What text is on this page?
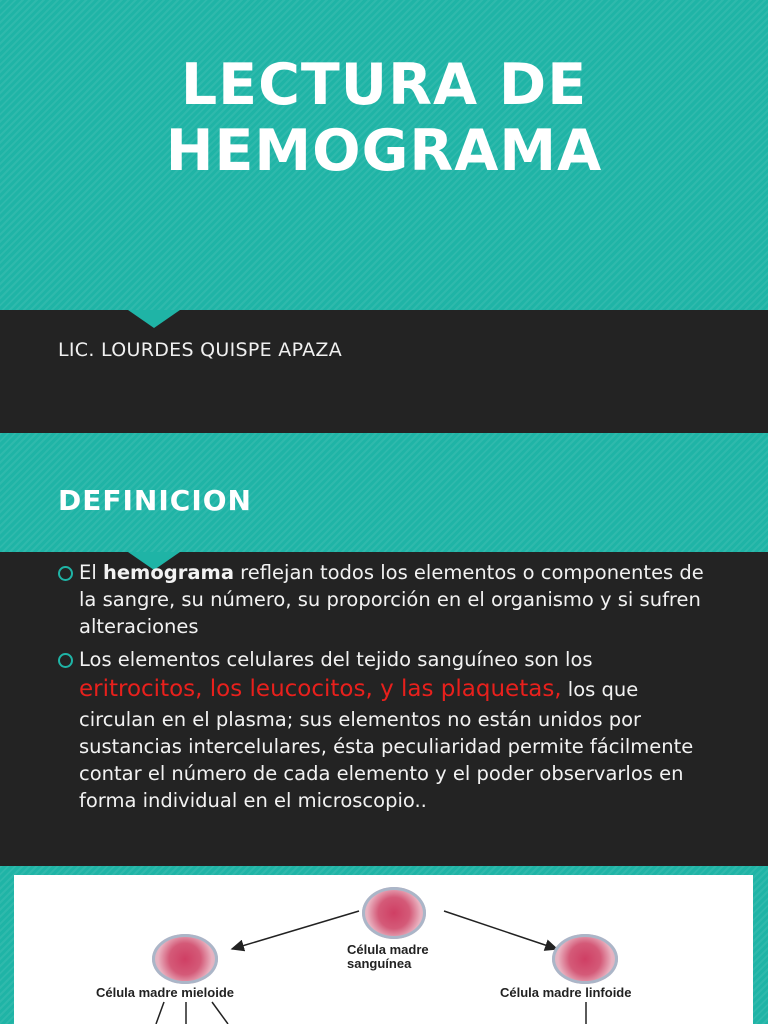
LECTURA DE
HEMOGRAMA
LIC. LOURDES QUISPE APAZA
DEFINICION
El hemograma reflejan todos los elementos o componentes de la sangre, su número, su proporción en el organismo y si sufren alteraciones
Los elementos celulares del tejido sanguíneo son los eritrocitos, los leucocitos, y las plaquetas, los que circulan en el plasma; sus elementos no están unidos por sustancias intercelulares, ésta peculiaridad permite fácilmente contar el número de cada elemento y el poder observarlos en forma individual en el microscopio..
Célula madre
sanguínea
Célula madre mieloide	Célula madre linfoide
